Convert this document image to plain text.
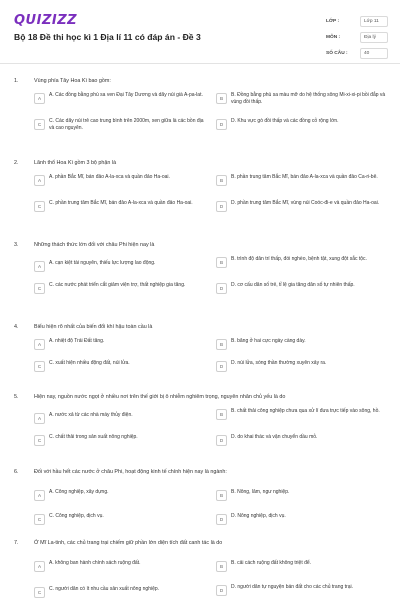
QUIZIZZ
Bộ 18 Đề thi học kì 1 Địa lí 11 có đáp án - Đề 3
LỚP :	Lớp 11
MÔN :	Địa lý
SỐ CÂU :	40
1.	Vùng phía Tây Hoa Kì bao gồm:
A
A. Các đồng bằng phù sa ven Đại Tây Dương và dãy núi già A-pa-lat.
B
B. Đồng bằng phù sa màu mỡ do hệ thống sông Mi-xi-xi-pi bồi đắp và vùng đồi thấp.
C
C. Các dãy núi trẻ cao trung bình trên 2000m, xen giữa là các bồn địa và cao nguyên.
D
D. Khu vực gò đồi thấp và các đồng cỏ rộng lớn.
2.	Lãnh thổ Hoa Kì gồm 3 bộ phận là
A
A. phần Bắc Mĩ, bán đảo A-la-xca và quần đảo Ha-oai.
B
B. phần trung tâm Bắc Mĩ, bán đảo A-la-xca và quần đảo Ca-ri-bê.
C
C. phần trung tâm Bắc Mĩ, bán đảo A-la-xca và quần đảo Ha-oai.
D
D. phần trung tâm Bắc Mĩ, vùng núi Coóc-đi-e và quần đảo Ha-oai.
3.	Những thách thức lớn đối với châu Phi hiện nay là
A
A. cạn kiệt tài nguyên, thiếu lực lượng lao động.	B
B. trình độ dân trí thấp, đói nghèo, bệnh tật, xung đột sắc tộc.
C
C. các nước phát triển cắt giảm viện trợ, thất nghiệp gia tăng.
D
D. cơ cấu dân số trẻ, tỉ lệ gia tăng dân số tự nhiên thấp.
4.	Biểu hiện rõ nhất của biến đổi khí hậu toàn cầu là
A
A. nhiệt độ Trái Đất tăng.
B
B. băng ở hai cực ngày càng dày.
C
C. xuất hiện nhiều động đất, núi lửa.
D
D. núi lửa, sóng thần thường xuyên xảy ra.
5.	Hiện nay, nguồn nước ngọt ở nhiều nơi trên thế giới bị ô nhiễm nghiêm trọng, nguyên nhân chủ yếu là do
A
A. nước xả từ các nhà máy thủy điện.	B
B. chất thải công nghiệp chưa qua xử lí đưa trực tiếp vào sông, hồ.
C
C. chất thải trong sản xuất nông nghiệp.
D
D. do khai thác và vận chuyển dầu mỏ.
6.	Đối với hầu hết các nước ở châu Phi, hoạt động kinh tế chính hiện nay là ngành:
A
A. Công nghiệp, xây dựng.
B
B. Nông, lâm, ngư nghiệp.
C
C. Công nghiệp, dịch vụ.
D
D. Nông nghiệp, dịch vụ.
7.	Ở Mĩ La-tinh, các chủ trang trại chiếm giữ phần lớn diện tích đất canh tác là do
A
A. không ban hành chính sách ruộng đất.
B
B. cải cách ruộng đất không triệt để.
C
C. người dân có ít nhu cầu sản xuất nông nghiệp.	D
D. người dân tự nguyện bán đất cho các chủ trang trại.
